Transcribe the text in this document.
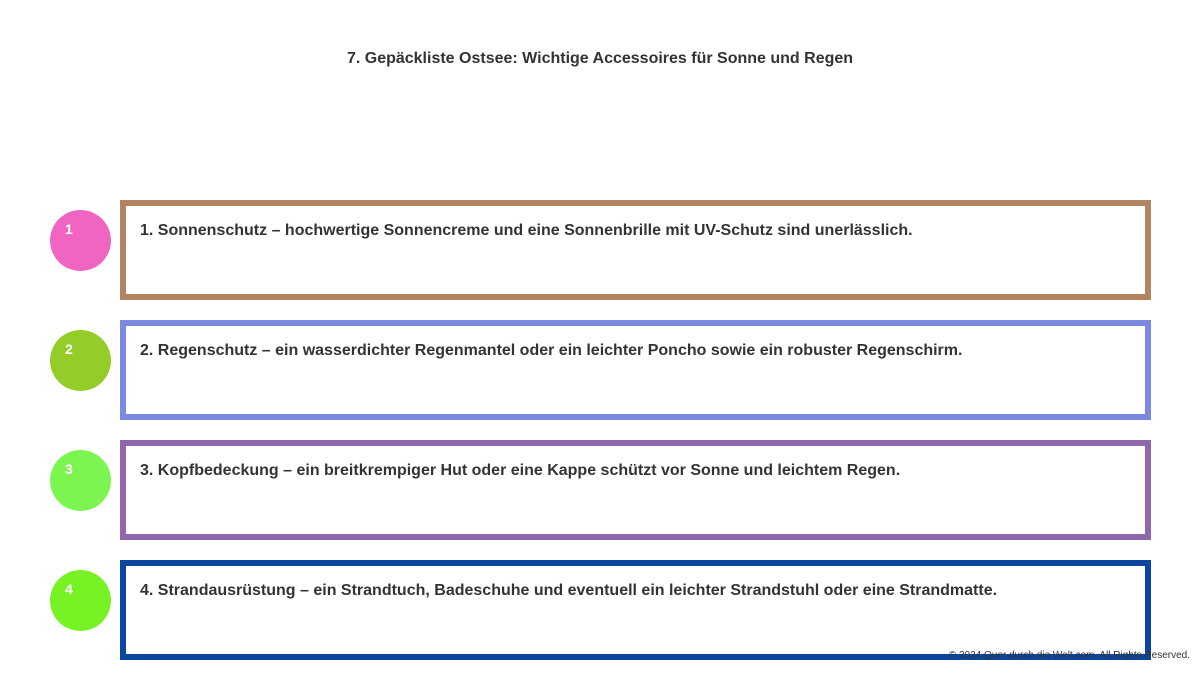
7. Gepäckliste Ostsee: Wichtige Accessoires für Sonne und Regen
1	1. Sonnenschutz – hochwertige Sonnencreme und eine Sonnenbrille mit UV-Schutz sind unerlässlich.
2	2. Regenschutz – ein wasserdichter Regenmantel oder ein leichter Poncho sowie ein robuster Regenschirm.
3	3. Kopfbedeckung – ein breitkrempiger Hut oder eine Kappe schützt vor Sonne und leichtem Regen.
4	4. Strandausrüstung – ein Strandtuch, Badeschuhe und eventuell ein leichter Strandstuhl oder eine Strandmatte.
© 2024 Quer durch die Welt.com. All Rights Reserved.
